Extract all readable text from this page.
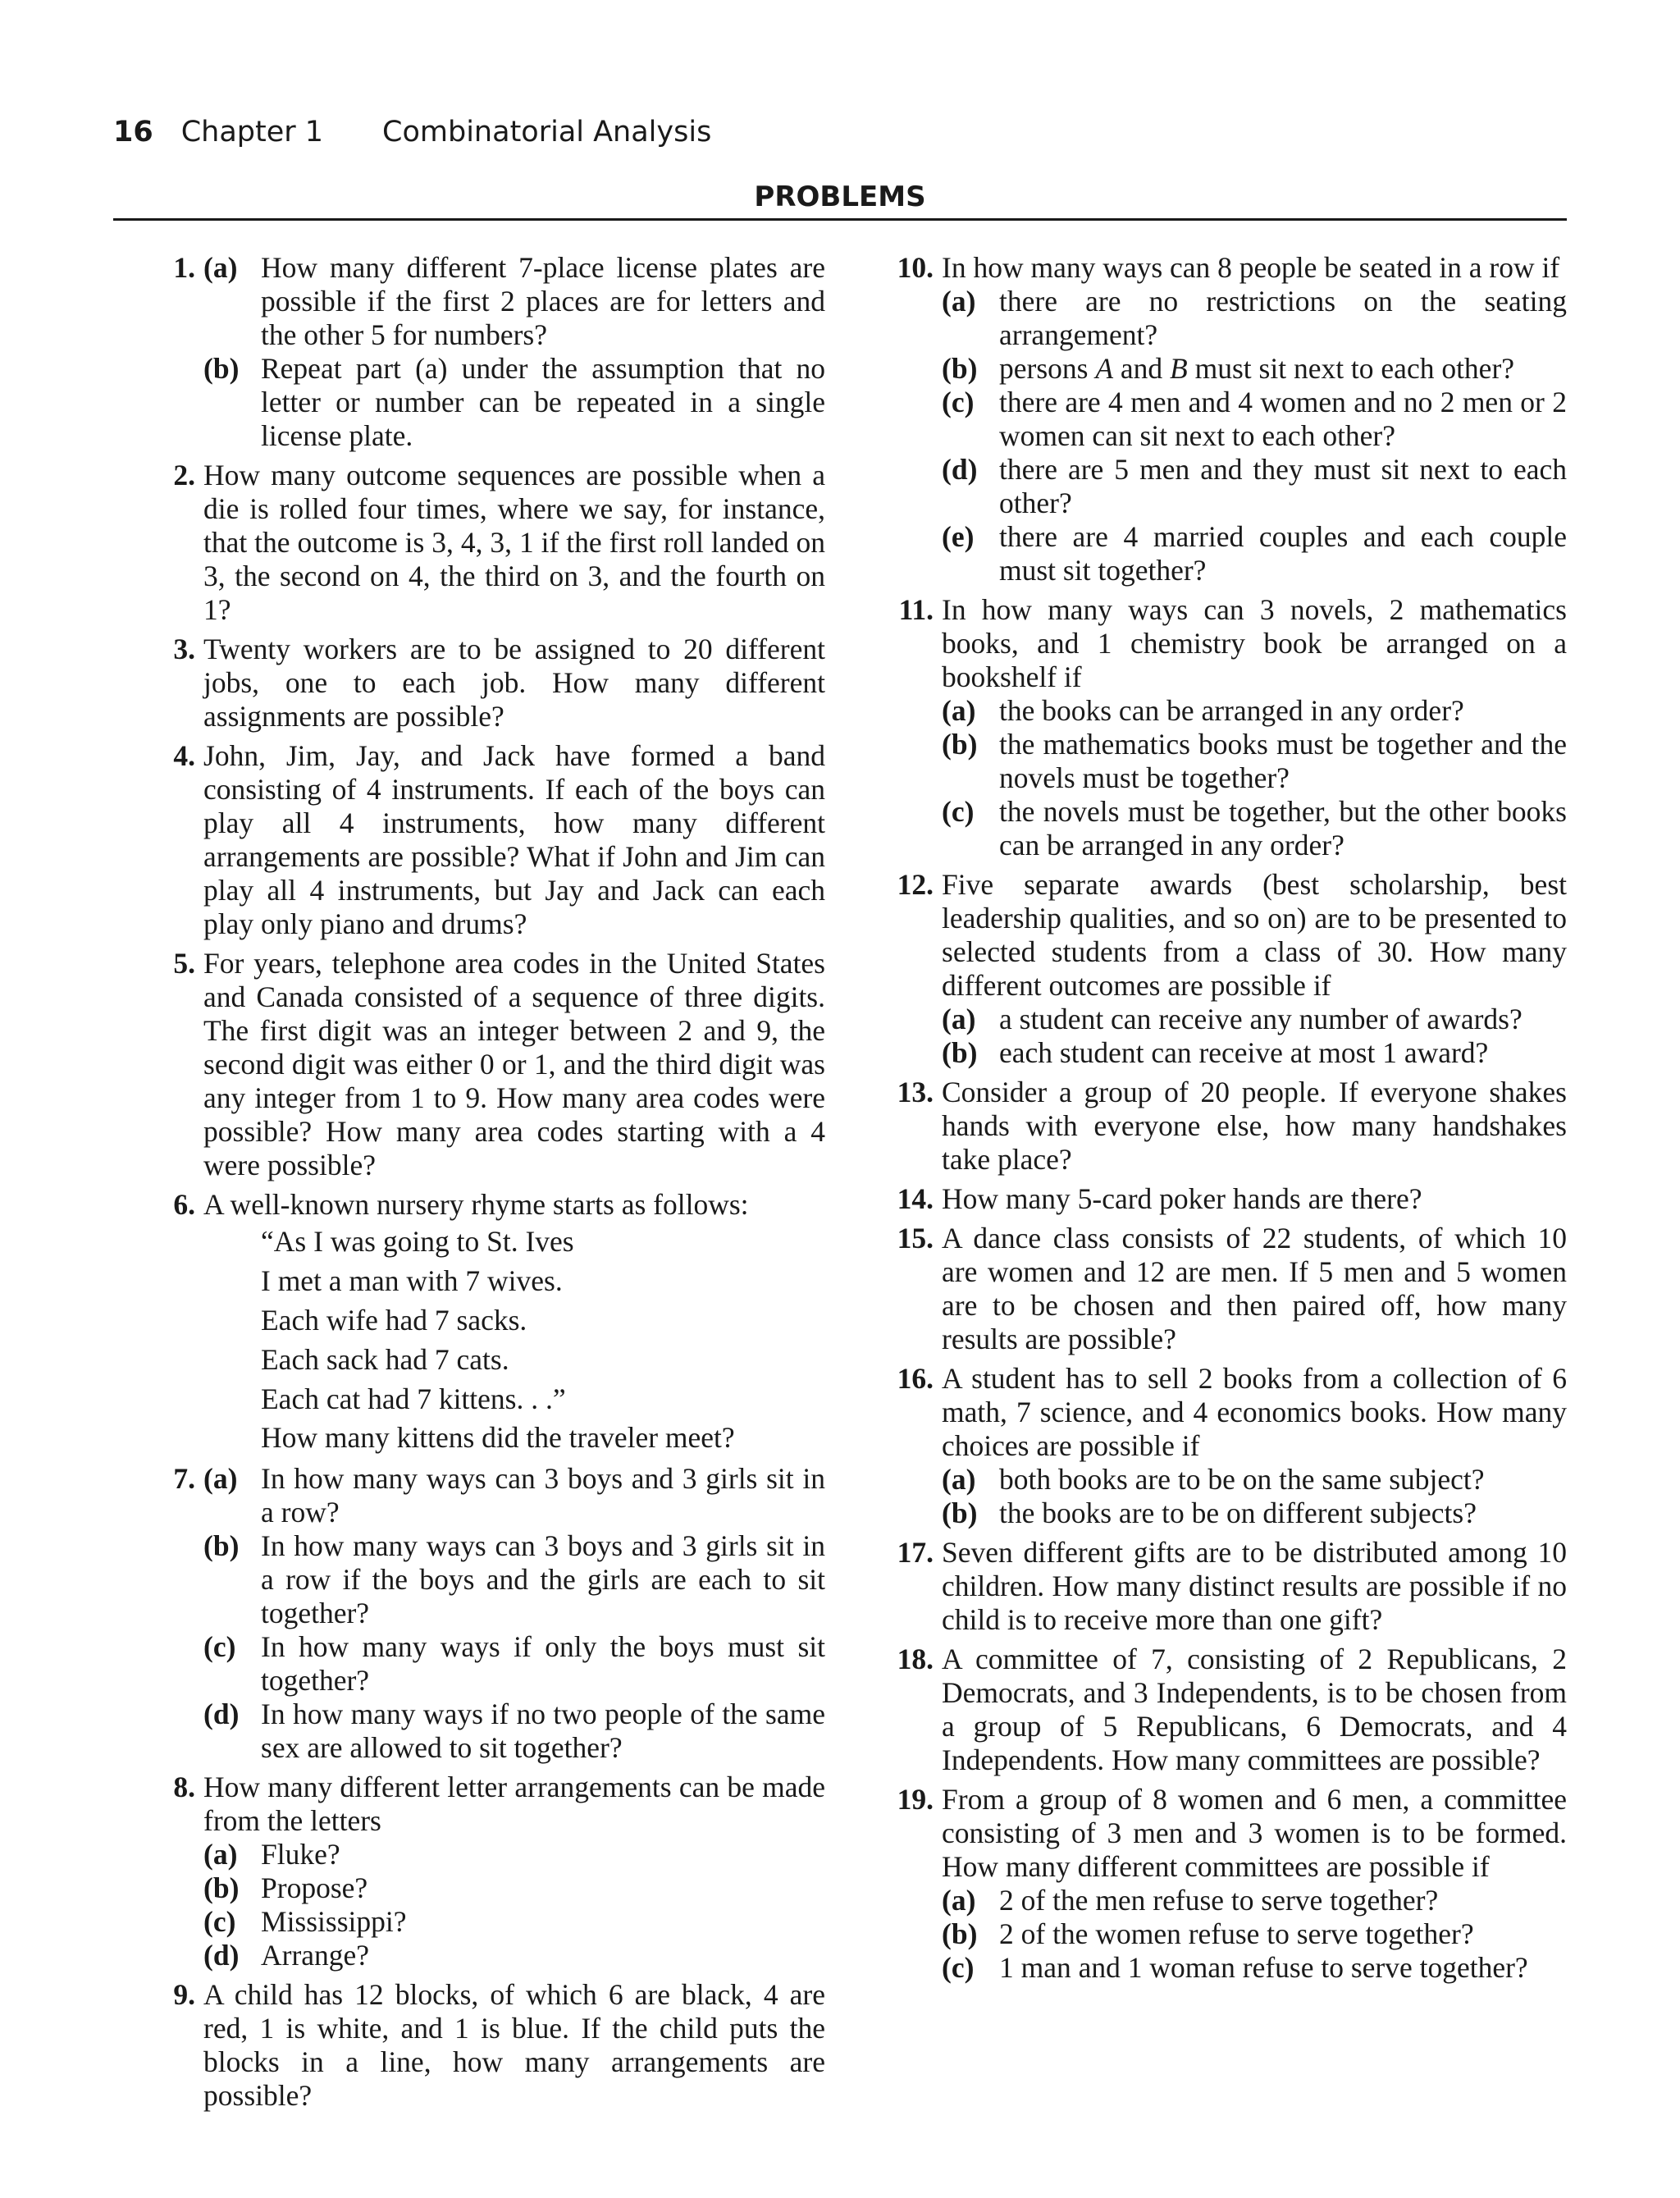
16 Chapter 1 Combinatorial Analysis
PROBLEMS
1. (a) How many different 7-place license plates are possible if the first 2 places are for letters and the other 5 for numbers?
(b) Repeat part (a) under the assumption that no letter or number can be repeated in a single license plate.
2. How many outcome sequences are possible when a die is rolled four times, where we say, for instance, that the outcome is 3, 4, 3, 1 if the first roll landed on 3, the second on 4, the third on 3, and the fourth on 1?
3. Twenty workers are to be assigned to 20 different jobs, one to each job. How many different assignments are possible?
4. John, Jim, Jay, and Jack have formed a band consisting of 4 instruments. If each of the boys can play all 4 instruments, how many different arrangements are possible? What if John and Jim can play all 4 instruments, but Jay and Jack can each play only piano and drums?
5. For years, telephone area codes in the United States and Canada consisted of a sequence of three digits. The first digit was an integer between 2 and 9, the second digit was either 0 or 1, and the third digit was any integer from 1 to 9. How many area codes were possible? How many area codes starting with a 4 were possible?
6. A well-known nursery rhyme starts as follows:
“As I was going to St. Ives
I met a man with 7 wives.
Each wife had 7 sacks.
Each sack had 7 cats.
Each cat had 7 kittens. . .”
How many kittens did the traveler meet?
7. (a) In how many ways can 3 boys and 3 girls sit in a row?
(b) In how many ways can 3 boys and 3 girls sit in a row if the boys and the girls are each to sit together?
(c) In how many ways if only the boys must sit together?
(d) In how many ways if no two people of the same sex are allowed to sit together?
8. How many different letter arrangements can be made from the letters
(a) Fluke?
(b) Propose?
(c) Mississippi?
(d) Arrange?
9. A child has 12 blocks, of which 6 are black, 4 are red, 1 is white, and 1 is blue. If the child puts the blocks in a line, how many arrangements are possible?
10. In how many ways can 8 people be seated in a row if
(a) there are no restrictions on the seating arrangement?
(b) persons A and B must sit next to each other?
(c) there are 4 men and 4 women and no 2 men or 2 women can sit next to each other?
(d) there are 5 men and they must sit next to each other?
(e) there are 4 married couples and each couple must sit together?
11. In how many ways can 3 novels, 2 mathematics books, and 1 chemistry book be arranged on a bookshelf if
(a) the books can be arranged in any order?
(b) the mathematics books must be together and the novels must be together?
(c) the novels must be together, but the other books can be arranged in any order?
12. Five separate awards (best scholarship, best leadership qualities, and so on) are to be presented to selected students from a class of 30. How many different outcomes are possible if
(a) a student can receive any number of awards?
(b) each student can receive at most 1 award?
13. Consider a group of 20 people. If everyone shakes hands with everyone else, how many handshakes take place?
14. How many 5-card poker hands are there?
15. A dance class consists of 22 students, of which 10 are women and 12 are men. If 5 men and 5 women are to be chosen and then paired off, how many results are possible?
16. A student has to sell 2 books from a collection of 6 math, 7 science, and 4 economics books. How many choices are possible if
(a) both books are to be on the same subject?
(b) the books are to be on different subjects?
17. Seven different gifts are to be distributed among 10 children. How many distinct results are possible if no child is to receive more than one gift?
18. A committee of 7, consisting of 2 Republicans, 2 Democrats, and 3 Independents, is to be chosen from a group of 5 Republicans, 6 Democrats, and 4 Independents. How many committees are possible?
19. From a group of 8 women and 6 men, a committee consisting of 3 men and 3 women is to be formed. How many different committees are possible if
(a) 2 of the men refuse to serve together?
(b) 2 of the women refuse to serve together?
(c) 1 man and 1 woman refuse to serve together?
